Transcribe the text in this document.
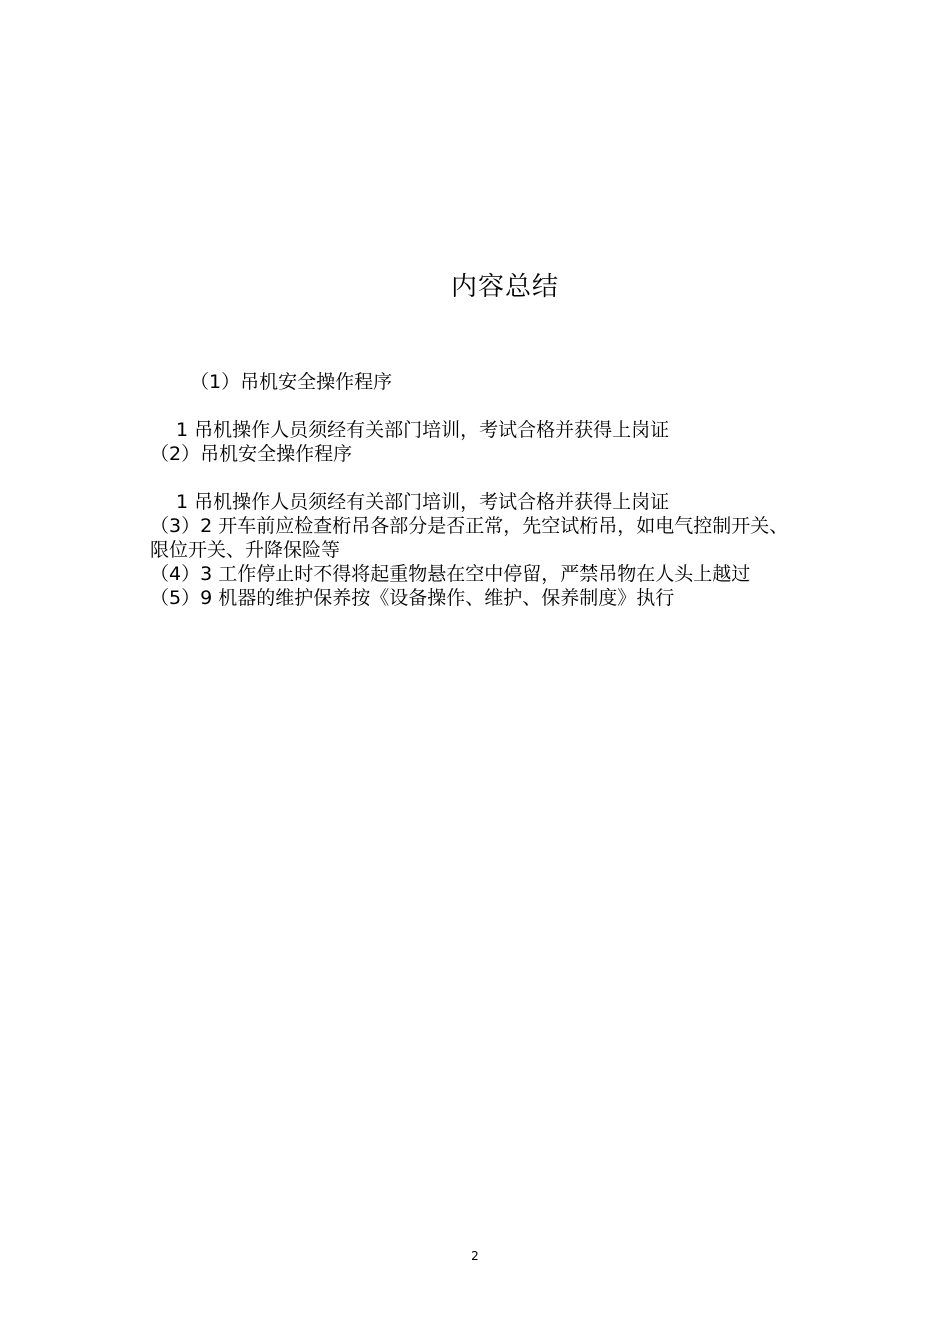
内容总结
（1）吊机安全操作程序
1 吊机操作人员须经有关部门培训，考试合格并获得上岗证
（2）吊机安全操作程序
1 吊机操作人员须经有关部门培训，考试合格并获得上岗证
（3）2 开车前应检查桁吊各部分是否正常，先空试桁吊，如电气控制开关、限位开关、升降保险等
（4）3 工作停止时不得将起重物悬在空中停留，严禁吊物在人头上越过
（5）9 机器的维护保养按《设备操作、维护、保养制度》执行
2
